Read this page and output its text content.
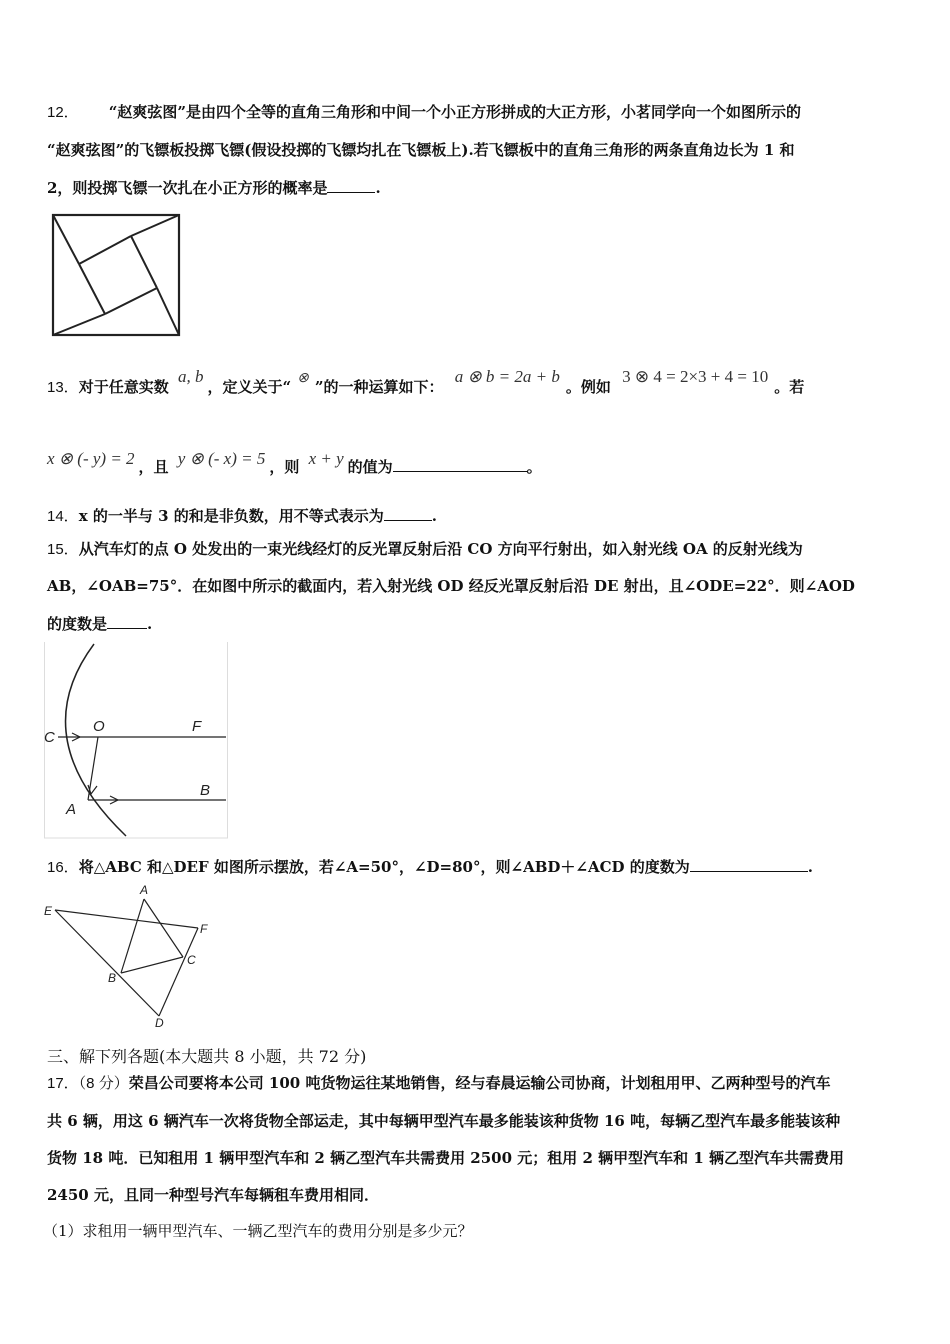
12． “赵爽弦图”是由四个全等的直角三角形和中间一个小正方形拼成的大正方形，小茗同学向一个如图所示的
“赵爽弦图”的飞镖板投掷飞镖(假设投掷的飞镖均扎在飞镖板上).若飞镖板中的直角三角形的两条直角边长为 1 和
2，则投掷飞镖一次扎在小正方形的概率是	.
13．对于任意实数 a, b，定义关于“ ⊗ ”的一种运算如下： a ⊗ b = 2a + b。例如 3 ⊗ 4 = 2×3 + 4 = 10。若
x ⊗ (- y) = 2 ，且 y ⊗ (- x) = 5 ，则 x + y 的值为	。
14．x 的一半与 3 的和是非负数，用不等式表示为	.
15．从汽车灯的点 O 处发出的一束光线经灯的反光罩反射后沿 CO 方向平行射出，如入射光线 OA 的反射光线为
AB，∠OAB=75°．在如图中所示的截面内，若入射光线 OD 经反光罩反射后沿 DE 射出，且∠ODE=22°．则∠AOD
的度数是	.
C
O	F
A
B
16．将△ABC 和△DEF 如图所示摆放，若∠A=50°，∠D=80°，则∠ABD＋∠ACD 的度数为	.
A
E
F
B
C
D
三、解下列各题(本大题共 8 小题，共 72 分)
17．（8 分）荣昌公司要将本公司 100 吨货物运往某地销售，经与春晨运输公司协商，计划租用甲、乙两种型号的汽车
共 6 辆，用这 6 辆汽车一次将货物全部运走，其中每辆甲型汽车最多能装该种货物 16 吨，每辆乙型汽车最多能装该种
货物 18 吨．已知租用 1 辆甲型汽车和 2 辆乙型汽车共需费用 2500 元；租用 2 辆甲型汽车和 1 辆乙型汽车共需费用
2450 元，且同一种型号汽车每辆租车费用相同．
（1）求租用一辆甲型汽车、一辆乙型汽车的费用分别是多少元？
